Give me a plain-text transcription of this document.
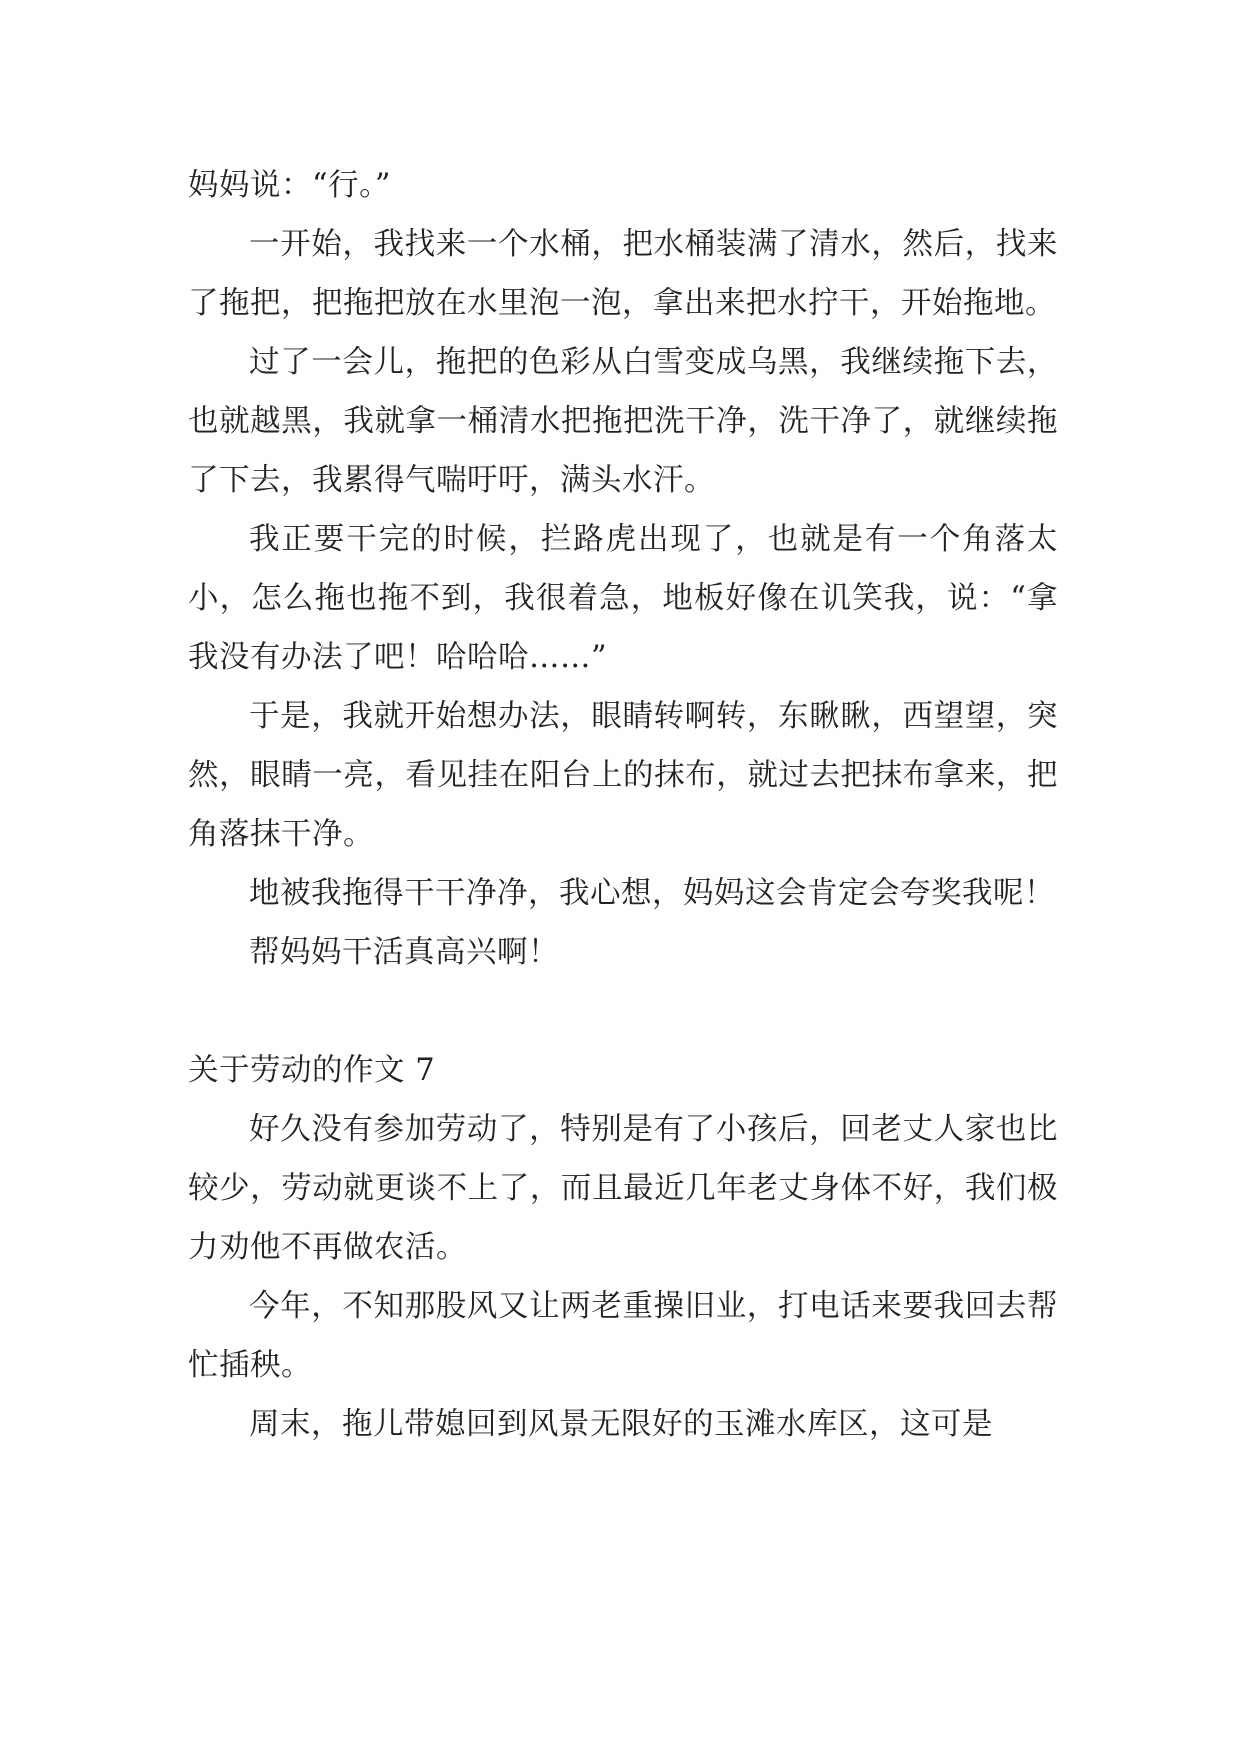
妈妈说：“行。”

一开始，我找来一个水桶，把水桶装满了清水，然后，找来了拖把，把拖把放在水里泡一泡，拿出来把水拧干，开始拖地。

过了一会儿，拖把的色彩从白雪变成乌黑，我继续拖下去，也就越黑，我就拿一桶清水把拖把洗干净，洗干净了，就继续拖了下去，我累得气喘吁吁，满头水汗。

我正要干完的时候，拦路虎出现了，也就是有一个角落太小，怎么拖也拖不到，我很着急，地板好像在讥笑我，说：“拿我没有办法了吧！哈哈哈……”

于是，我就开始想办法，眼睛转啊转，东瞅瞅，西望望，突然，眼睛一亮，看见挂在阳台上的抹布，就过去把抹布拿来，把角落抹干净。

地被我拖得干干净净，我心想，妈妈这会肯定会夸奖我呢！

帮妈妈干活真高兴啊！

关于劳动的作文 7

好久没有参加劳动了，特别是有了小孩后，回老丈人家也比较少，劳动就更谈不上了，而且最近几年老丈身体不好，我们极力劝他不再做农活。

今年，不知那股风又让两老重操旧业，打电话来要我回去帮忙插秧。

周末，拖儿带媳回到风景无限好的玉滩水库区，这可是
